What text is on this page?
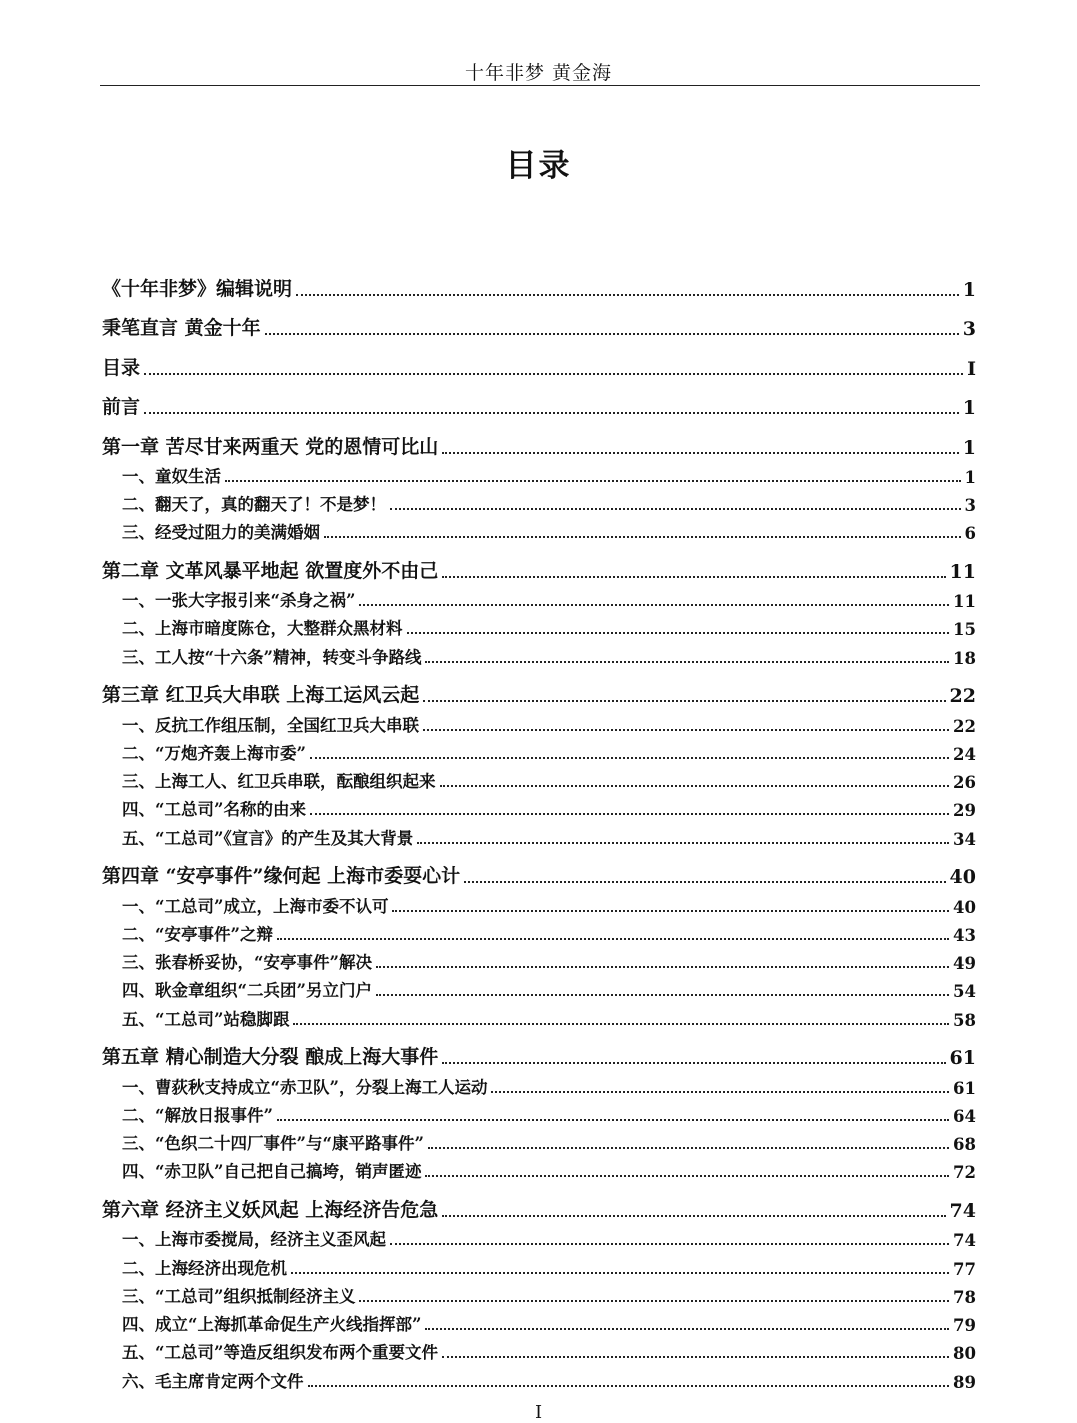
十年非梦 黄金海
目录
《十年非梦》编辑说明	1
秉笔直言 黄金十年	3
目录	I
前言	1
第一章 苦尽甘来两重天 党的恩情可比山	1
一、童奴生活	1
二、翻天了，真的翻天了！不是梦！	3
三、经受过阻力的美满婚姻	6
第二章 文革风暴平地起 欲置度外不由己	11
一、一张大字报引来“杀身之祸”	11
二、上海市暗度陈仓，大整群众黑材料	15
三、工人按“十六条”精神，转变斗争路线	18
第三章 红卫兵大串联 上海工运风云起	22
一、反抗工作组压制，全国红卫兵大串联	22
二、“万炮齐轰上海市委”	24
三、上海工人、红卫兵串联，酝酿组织起来	26
四、“工总司”名称的由来	29
五、“工总司”《宣言》的产生及其大背景	34
第四章 “安亭事件”缘何起 上海市委耍心计	40
一、“工总司”成立，上海市委不认可	40
二、“安亭事件”之辩	43
三、张春桥妥协，“安亭事件”解决	49
四、耿金章组织“二兵团”另立门户	54
五、“工总司”站稳脚跟	58
第五章 精心制造大分裂 酿成上海大事件	61
一、曹荻秋支持成立“赤卫队”，分裂上海工人运动	61
二、“解放日报事件”	64
三、“色织二十四厂事件”与“康平路事件”	68
四、“赤卫队”自己把自己搞垮，销声匿迹	72
第六章 经济主义妖风起 上海经济告危急	74
一、上海市委搅局，经济主义歪风起	74
二、上海经济出现危机	77
三、“工总司”组织抵制经济主义	78
四、成立“上海抓革命促生产火线指挥部”	79
五、“工总司”等造反组织发布两个重要文件	80
六、毛主席肯定两个文件	89
I
